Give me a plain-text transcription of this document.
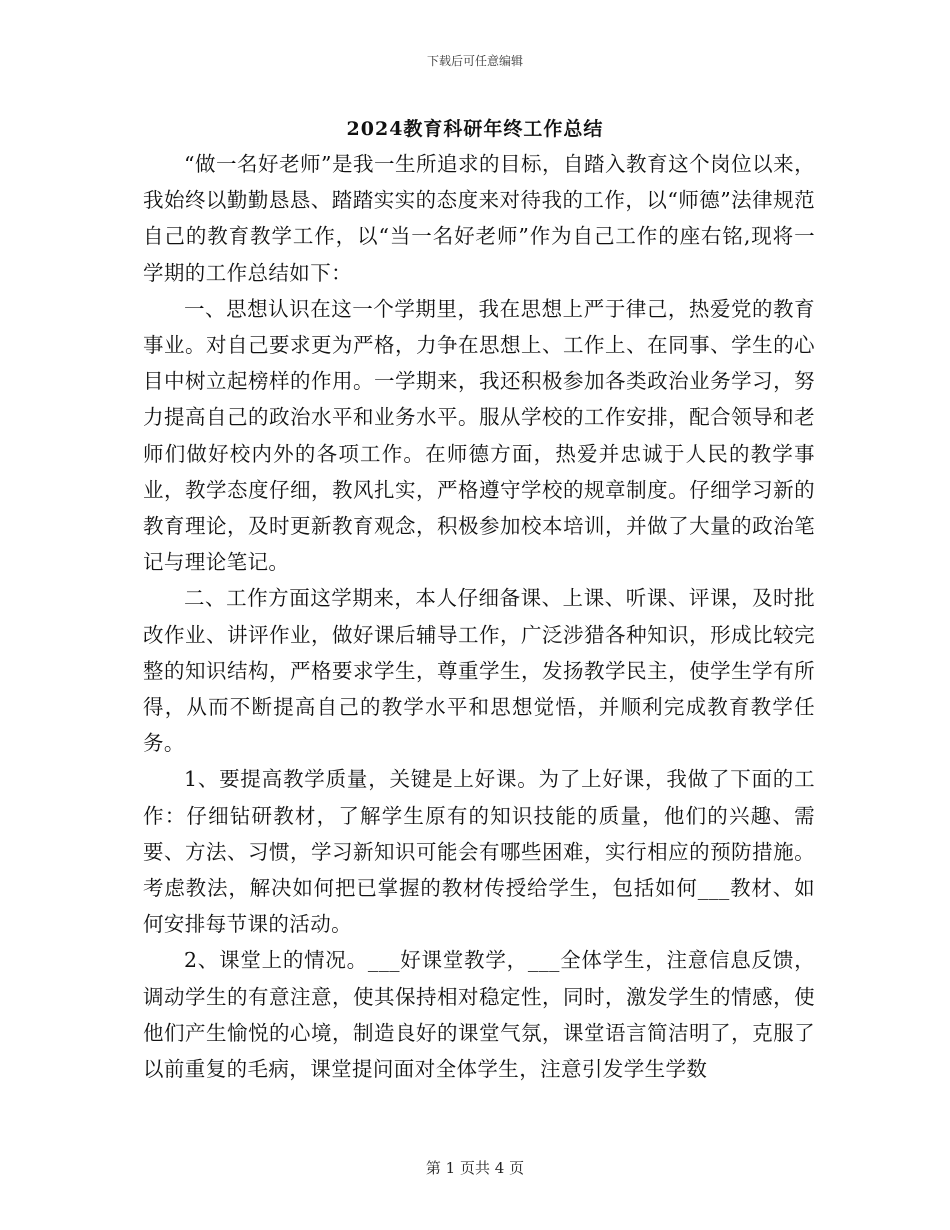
下载后可任意编辑
2024教育科研年终工作总结

“做一名好老师”是我一生所追求的目标，自踏入教育这个岗位以来，我始终以勤勤恳恳、踏踏实实的态度来对待我的工作，以“师德”法律规范自己的教育教学工作，以“当一名好老师”作为自己工作的座右铭,现将一学期的工作总结如下：

一、思想认识在这一个学期里，我在思想上严于律己，热爱党的教育事业。对自己要求更为严格，力争在思想上、工作上、在同事、学生的心目中树立起榜样的作用。一学期来，我还积极参加各类政治业务学习，努力提高自己的政治水平和业务水平。服从学校的工作安排，配合领导和老师们做好校内外的各项工作。在师德方面，热爱并忠诚于人民的教学事业，教学态度仔细，教风扎实，严格遵守学校的规章制度。仔细学习新的教育理论，及时更新教育观念，积极参加校本培训，并做了大量的政治笔记与理论笔记。

二、工作方面这学期来，本人仔细备课、上课、听课、评课，及时批改作业、讲评作业，做好课后辅导工作，广泛涉猎各种知识，形成比较完整的知识结构，严格要求学生，尊重学生，发扬教学民主，使学生学有所得，从而不断提高自己的教学水平和思想觉悟，并顺利完成教育教学任务。

1、要提高教学质量，关键是上好课。为了上好课，我做了下面的工作：仔细钻研教材，了解学生原有的知识技能的质量，他们的兴趣、需要、方法、习惯，学习新知识可能会有哪些困难，实行相应的预防措施。考虑教法，解决如何把已掌握的教材传授给学生，包括如何___教材、如何安排每节课的活动。

2、课堂上的情况。___好课堂教学，___全体学生，注意信息反馈，调动学生的有意注意，使其保持相对稳定性，同时，激发学生的情感，使他们产生愉悦的心境，制造良好的课堂气氛，课堂语言简洁明了，克服了以前重复的毛病，课堂提问面对全体学生，注意引发学生学数

第 1 页共 4 页
